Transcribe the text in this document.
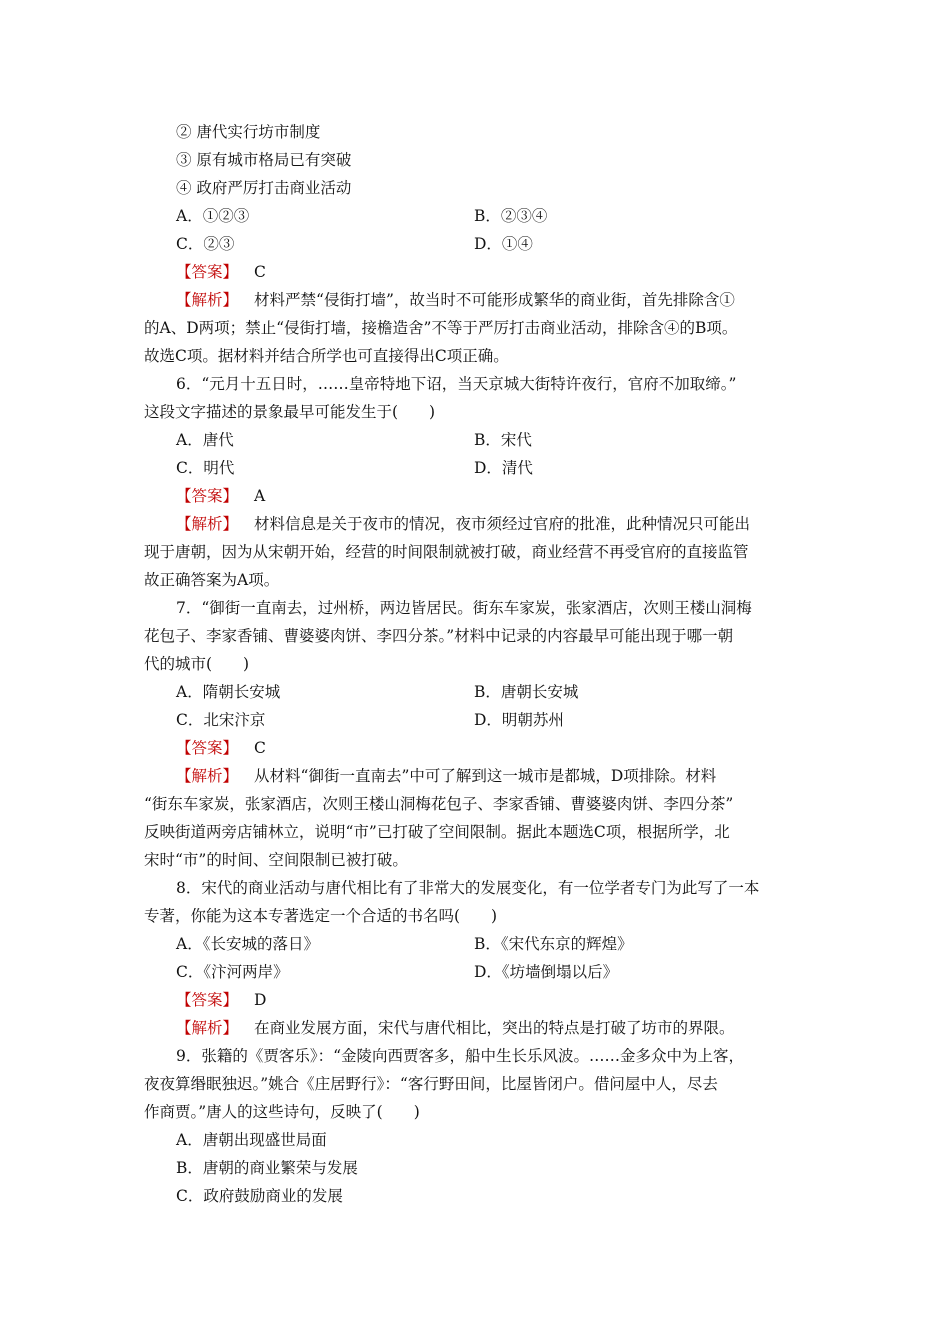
② 唐代实行坊市制度
③ 原有城市格局已有突破
④ 政府严厉打击商业活动
A．①②③	B．②③④
C．②③	D．①④
【答案】 C
【解析】 材料严禁“侵街打墙”，故当时不可能形成繁华的商业街，首先排除含①
的A、D两项；禁止“侵街打墙，接檐造舍”不等于严厉打击商业活动，排除含④的B项。
故选C项。据材料并结合所学也可直接得出C项正确。
6．“元月十五日时，……皇帝特地下诏，当天京城大街特许夜行，官府不加取缔。”
这段文字描述的景象最早可能发生于(　　)
A．唐代	B．宋代
C．明代	D．清代
【答案】 A
【解析】 材料信息是关于夜市的情况，夜市须经过官府的批准，此种情况只可能出
现于唐朝，因为从宋朝开始，经营的时间限制就被打破，商业经营不再受官府的直接监管
故正确答案为A项。
7．“御街一直南去，过州桥，两边皆居民。街东车家炭，张家酒店，次则王楼山洞梅
花包子、李家香铺、曹婆婆肉饼、李四分茶。”材料中记录的内容最早可能出现于哪一朝
代的城市(　　)
A．隋朝长安城	B．唐朝长安城
C．北宋汴京	D．明朝苏州
【答案】 C
【解析】 从材料“御街一直南去”中可了解到这一城市是都城，D项排除。材料
“街东车家炭，张家酒店，次则王楼山洞梅花包子、李家香铺、曹婆婆肉饼、李四分茶”
反映街道两旁店铺林立，说明“市”已打破了空间限制。据此本题选C项，根据所学，北
宋时“市”的时间、空间限制已被打破。
8．宋代的商业活动与唐代相比有了非常大的发展变化，有一位学者专门为此写了一本
专著，你能为这本专著选定一个合适的书名吗(　　)
A．《长安城的落日》	B．《宋代东京的辉煌》
C．《汴河两岸》	D．《坊墙倒塌以后》
【答案】 D
【解析】 在商业发展方面，宋代与唐代相比，突出的特点是打破了坊市的界限。
9．张籍的《贾客乐》：“金陵向西贾客多，船中生长乐风波。……金多众中为上客，
夜夜算缗眠独迟。”姚合《庄居野行》：“客行野田间，比屋皆闭户。借问屋中人，尽去
作商贾。”唐人的这些诗句，反映了(　　)
A．唐朝出现盛世局面
B．唐朝的商业繁荣与发展
C．政府鼓励商业的发展
